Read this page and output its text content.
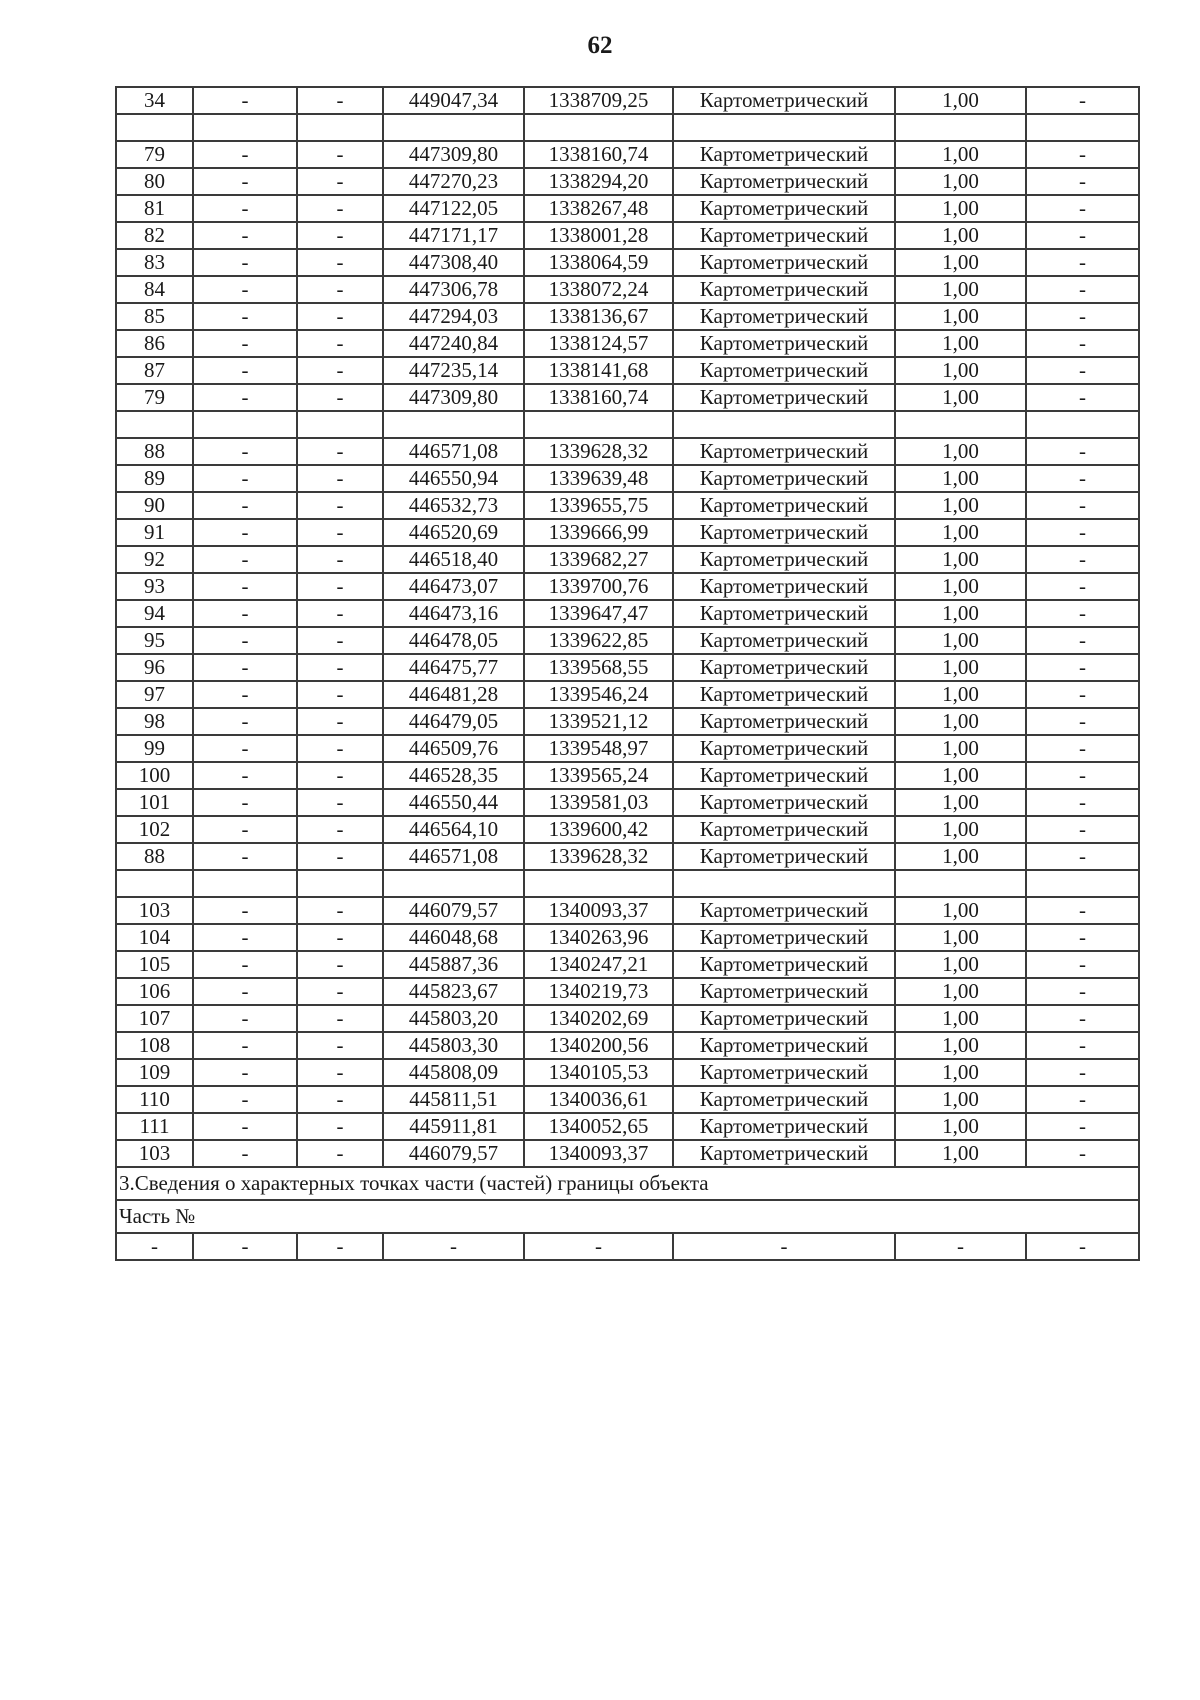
62
34	-	-	449047,34	1338709,25	Картометрический	1,00	-

79	-	-	447309,80	1338160,74	Картометрический	1,00	-
80	-	-	447270,23	1338294,20	Картометрический	1,00	-
81	-	-	447122,05	1338267,48	Картометрический	1,00	-
82	-	-	447171,17	1338001,28	Картометрический	1,00	-
83	-	-	447308,40	1338064,59	Картометрический	1,00	-
84	-	-	447306,78	1338072,24	Картометрический	1,00	-
85	-	-	447294,03	1338136,67	Картометрический	1,00	-
86	-	-	447240,84	1338124,57	Картометрический	1,00	-
87	-	-	447235,14	1338141,68	Картометрический	1,00	-
79	-	-	447309,80	1338160,74	Картометрический	1,00	-

88	-	-	446571,08	1339628,32	Картометрический	1,00	-
89	-	-	446550,94	1339639,48	Картометрический	1,00	-
90	-	-	446532,73	1339655,75	Картометрический	1,00	-
91	-	-	446520,69	1339666,99	Картометрический	1,00	-
92	-	-	446518,40	1339682,27	Картометрический	1,00	-
93	-	-	446473,07	1339700,76	Картометрический	1,00	-
94	-	-	446473,16	1339647,47	Картометрический	1,00	-
95	-	-	446478,05	1339622,85	Картометрический	1,00	-
96	-	-	446475,77	1339568,55	Картометрический	1,00	-
97	-	-	446481,28	1339546,24	Картометрический	1,00	-
98	-	-	446479,05	1339521,12	Картометрический	1,00	-
99	-	-	446509,76	1339548,97	Картометрический	1,00	-
100	-	-	446528,35	1339565,24	Картометрический	1,00	-
101	-	-	446550,44	1339581,03	Картометрический	1,00	-
102	-	-	446564,10	1339600,42	Картометрический	1,00	-
88	-	-	446571,08	1339628,32	Картометрический	1,00	-

103	-	-	446079,57	1340093,37	Картометрический	1,00	-
104	-	-	446048,68	1340263,96	Картометрический	1,00	-
105	-	-	445887,36	1340247,21	Картометрический	1,00	-
106	-	-	445823,67	1340219,73	Картометрический	1,00	-
107	-	-	445803,20	1340202,69	Картометрический	1,00	-
108	-	-	445803,30	1340200,56	Картометрический	1,00	-
109	-	-	445808,09	1340105,53	Картометрический	1,00	-
110	-	-	445811,51	1340036,61	Картометрический	1,00	-
111	-	-	445911,81	1340052,65	Картометрический	1,00	-
103	-	-	446079,57	1340093,37	Картометрический	1,00	-
3.Сведения о характерных точках части (частей) границы объекта							
Часть №							
-	-	-	-	-	-	-	-
